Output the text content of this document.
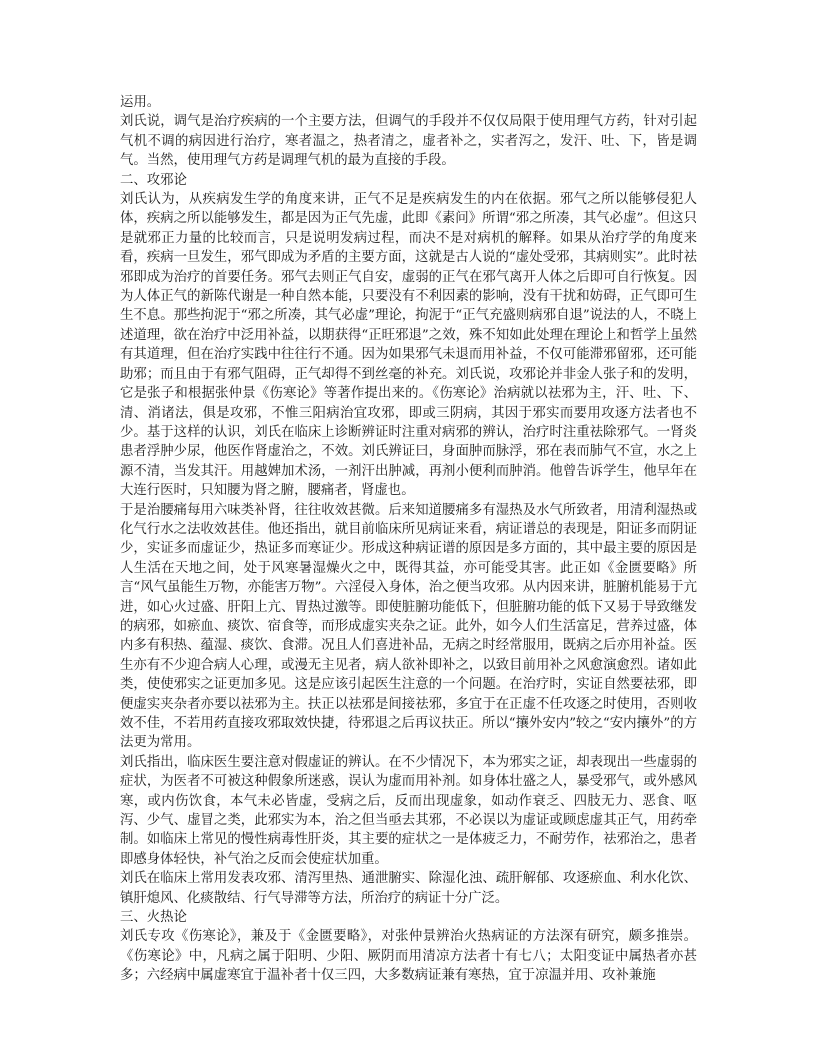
运用。

刘氏说，调气是治疗疾病的一个主要方法，但调气的手段并不仅仅局限于使用理气方药，针对引起气机不调的病因进行治疗，寒者温之，热者清之，虚者补之，实者泻之，发汗、吐、下，皆是调气。当然，使用理气方药是调理气机的最为直接的手段。

二、攻邪论

刘氏认为，从疾病发生学的角度来讲，正气不足是疾病发生的内在依据。邪气之所以能够侵犯人体，疾病之所以能够发生，都是因为正气先虚，此即《素问》所谓“邪之所凑，其气必虚”。但这只是就邪正力量的比较而言，只是说明发病过程，而决不是对病机的解释。如果从治疗学的角度来看，疾病一旦发生，邪气即成为矛盾的主要方面，这就是古人说的“虚处受邪，其病则实”。此时祛邪即成为治疗的首要任务。邪气去则正气自安，虚弱的正气在邪气离开人体之后即可自行恢复。因为人体正气的新陈代谢是一种自然本能，只要没有不利因素的影响，没有干扰和妨碍，正气即可生生不息。那些拘泥于“邪之所凑，其气必虚”理论，拘泥于“正气充盛则病邪自退”说法的人，不晓上述道理，欲在治疗中泛用补益，以期获得“正旺邪退”之效，殊不知如此处理在理论上和哲学上虽然有其道理，但在治疗实践中往往行不通。因为如果邪气未退而用补益，不仅可能滞邪留邪，还可能助邪；而且由于有邪气阻碍，正气却得不到丝毫的补充。刘氏说，攻邪论并非金人张子和的发明，它是张子和根据张仲景《伤寒论》等著作提出来的。《伤寒论》治病就以祛邪为主，汗、吐、下、清、消诸法，俱是攻邪，不惟三阳病治宜攻邪，即或三阴病，其因于邪实而要用攻逐方法者也不少。基于这样的认识，刘氏在临床上诊断辨证时注重对病邪的辨认，治疗时注重祛除邪气。一肾炎患者浮肿少尿，他医作肾虚治之，不效。刘氏辨证曰，身面肿而脉浮，邪在表而肺气不宣，水之上源不清，当发其汗。用越婢加术汤，一剂汗出肿减，再剂小便利而肿消。他曾告诉学生，他早年在大连行医时，只知腰为肾之腑，腰痛者，肾虚也。

于是治腰痛每用六味类补肾，往往收效甚微。后来知道腰痛多有湿热及水气所致者，用清利湿热或化气行水之法收效甚佳。他还指出，就目前临床所见病证来看，病证谱总的表现是，阳证多而阴证少，实证多而虚证少，热证多而寒证少。形成这种病证谱的原因是多方面的，其中最主要的原因是人生活在天地之间，处于风寒暑湿燥火之中，既得其益，亦可能受其害。此正如《金匮要略》所言“风气虽能生万物，亦能害万物”。六淫侵入身体，治之便当攻邪。从内因来讲，脏腑机能易于亢进，如心火过盛、肝阳上亢、胃热过激等。即使脏腑功能低下，但脏腑功能的低下又易于导致继发的病邪，如瘀血、痰饮、宿食等，而形成虚实夹杂之证。此外，如今人们生活富足，营养过盛，体内多有积热、蕴湿、痰饮、食滞。况且人们喜进补品，无病之时经常服用，既病之后亦用补益。医生亦有不少迎合病人心理，或漫无主见者，病人欲补即补之，以致目前用补之风愈演愈烈。诸如此类，使使邪实之证更加多见。这是应该引起医生注意的一个问题。在治疗时，实证自然要祛邪，即便虚实夹杂者亦要以祛邪为主。扶正以祛邪是间接祛邪，多宜于在正虚不任攻逐之时使用，否则收效不佳，不若用药直接攻邪取效快捷，待邪退之后再议扶正。所以“攘外安内”较之“安内攘外”的方法更为常用。

刘氏指出，临床医生要注意对假虚证的辨认。在不少情况下，本为邪实之证，却表现出一些虚弱的症状，为医者不可被这种假象所迷惑，误认为虚而用补剂。如身体壮盛之人，暴受邪气，或外感风寒，或内伤饮食，本气未必皆虚，受病之后，反而出现虚象，如动作衰乏、四肢无力、恶食、呕泻、少气、虚冒之类，此邪实为本，治之但当亟去其邪，不必误以为虚证或顾虑虚其正气，用药牵制。如临床上常见的慢性病毒性肝炎，其主要的症状之一是体疲乏力，不耐劳作，祛邪治之，患者即感身体轻快，补气治之反而会使症状加重。

刘氏在临床上常用发表攻邪、清泻里热、通泄腑实、除湿化浊、疏肝解郁、攻逐瘀血、利水化饮、镇肝熄风、化痰散结、行气导滞等方法，所治疗的病证十分广泛。

三、火热论

刘氏专攻《伤寒论》，兼及于《金匮要略》，对张仲景辨治火热病证的方法深有研究，颇多推崇。《伤寒论》中，凡病之属于阳明、少阳、厥阴而用清凉方法者十有七八；太阳变证中属热者亦甚多；六经病中属虚寒宜于温补者十仅三四，大多数病证兼有寒热，宜于凉温并用、攻补兼施
